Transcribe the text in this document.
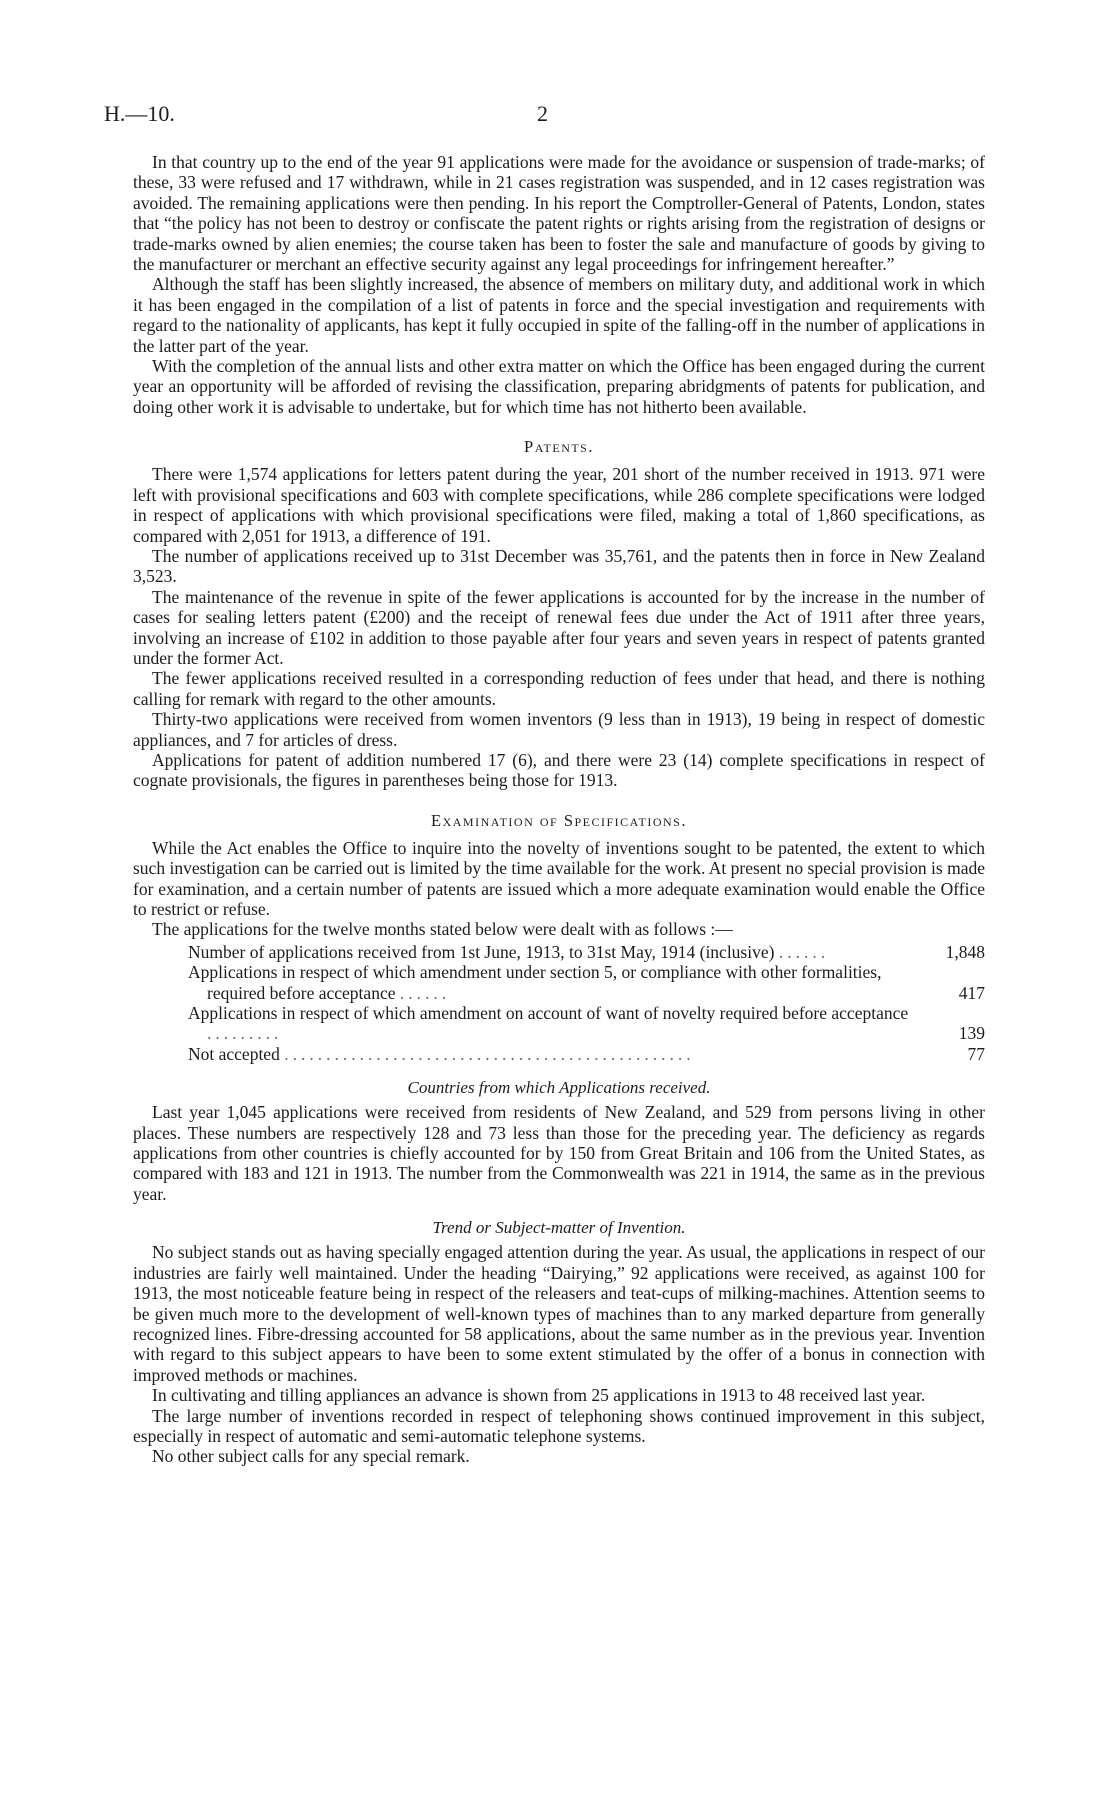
H.—10.	2

In that country up to the end of the year 91 applications were made for the avoidance or suspension of trade-marks; of these, 33 were refused and 17 withdrawn, while in 21 cases registration was suspended, and in 12 cases registration was avoided. The remaining applications were then pending. In his report the Comptroller-General of Patents, London, states that “the policy has not been to destroy or confiscate the patent rights or rights arising from the registration of designs or trade-marks owned by alien enemies; the course taken has been to foster the sale and manufacture of goods by giving to the manufacturer or merchant an effective security against any legal proceedings for infringement hereafter.”

Although the staff has been slightly increased, the absence of members on military duty, and additional work in which it has been engaged in the compilation of a list of patents in force and the special investigation and requirements with regard to the nationality of applicants, has kept it fully occupied in spite of the falling-off in the number of applications in the latter part of the year.

With the completion of the annual lists and other extra matter on which the Office has been engaged during the current year an opportunity will be afforded of revising the classification, preparing abridgments of patents for publication, and doing other work it is advisable to undertake, but for which time has not hitherto been available.

Patents.

There were 1,574 applications for letters patent during the year, 201 short of the number received in 1913. 971 were left with provisional specifications and 603 with complete specifications, while 286 complete specifications were lodged in respect of applications with which provisional specifications were filed, making a total of 1,860 specifications, as compared with 2,051 for 1913, a difference of 191.

The number of applications received up to 31st December was 35,761, and the patents then in force in New Zealand 3,523.

The maintenance of the revenue in spite of the fewer applications is accounted for by the increase in the number of cases for sealing letters patent (£200) and the receipt of renewal fees due under the Act of 1911 after three years, involving an increase of £102 in addition to those payable after four years and seven years in respect of patents granted under the former Act.

The fewer applications received resulted in a corresponding reduction of fees under that head, and there is nothing calling for remark with regard to the other amounts.

Thirty-two applications were received from women inventors (9 less than in 1913), 19 being in respect of domestic appliances, and 7 for articles of dress.

Applications for patent of addition numbered 17 (6), and there were 23 (14) complete specifications in respect of cognate provisionals, the figures in parentheses being those for 1913.

Examination of Specifications.

While the Act enables the Office to inquire into the novelty of inventions sought to be patented, the extent to which such investigation can be carried out is limited by the time available for the work. At present no special provision is made for examination, and a certain number of patents are issued which a more adequate examination would enable the Office to restrict or refuse.

The applications for the twelve months stated below were dealt with as follows :—

Number of applications received from 1st June, 1913, to 31st May, 1914 (inclusive) ......	1,848
Applications in respect of which amendment under section 5, or compliance with other formalities, required before acceptance ......	417
Applications in respect of which amendment on account of want of novelty required before acceptance .........	139
Not accepted .................................................	77
Countries from which Applications received.

Last year 1,045 applications were received from residents of New Zealand, and 529 from persons living in other places. These numbers are respectively 128 and 73 less than those for the preceding year. The deficiency as regards applications from other countries is chiefly accounted for by 150 from Great Britain and 106 from the United States, as compared with 183 and 121 in 1913. The number from the Commonwealth was 221 in 1914, the same as in the previous year.

Trend or Subject-matter of Invention.

No subject stands out as having specially engaged attention during the year. As usual, the applications in respect of our industries are fairly well maintained. Under the heading “Dairying,” 92 applications were received, as against 100 for 1913, the most noticeable feature being in respect of the releasers and teat-cups of milking-machines. Attention seems to be given much more to the development of well-known types of machines than to any marked departure from generally recognized lines. Fibre-dressing accounted for 58 applications, about the same number as in the previous year. Invention with regard to this subject appears to have been to some extent stimulated by the offer of a bonus in connection with improved methods or machines.

In cultivating and tilling appliances an advance is shown from 25 applications in 1913 to 48 received last year.

The large number of inventions recorded in respect of telephoning shows continued improvement in this subject, especially in respect of automatic and semi-automatic telephone systems.

No other subject calls for any special remark.
